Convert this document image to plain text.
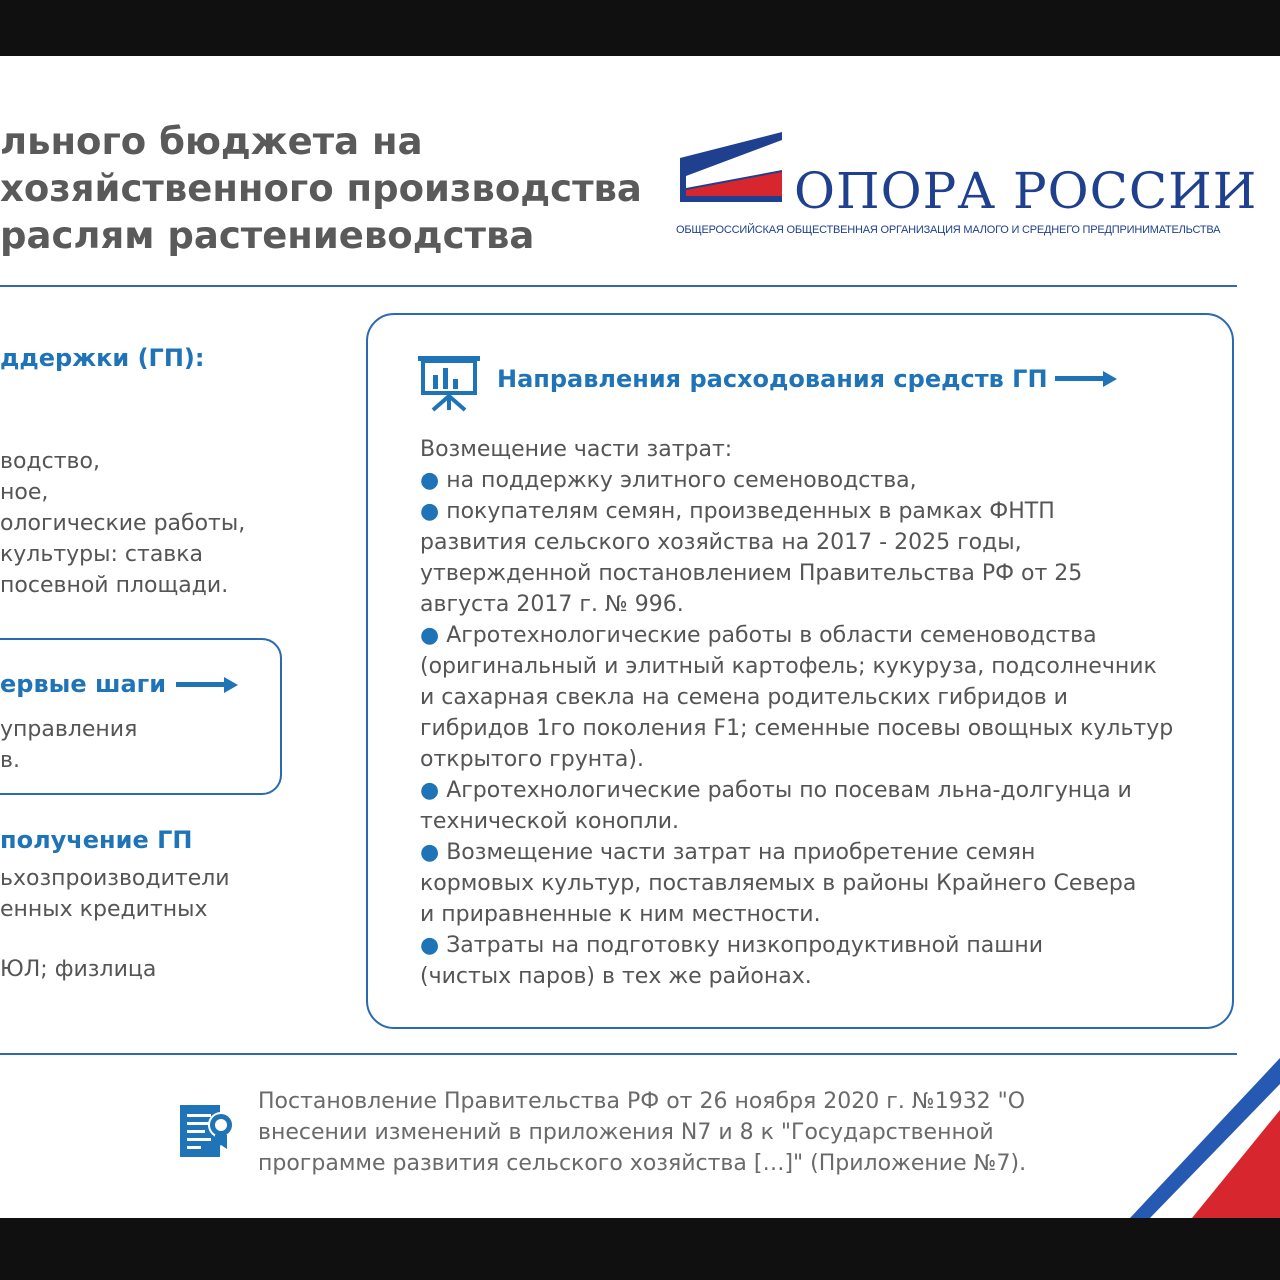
льного бюджета на
хозяйственного производства
раслям растениеводства
ОПОРА РОССИИ
ОБЩЕРОССИЙСКАЯ ОБЩЕСТВЕННАЯ ОРГАНИЗАЦИЯ МАЛОГО И СРЕДНЕГО ПРЕДПРИНИМАТЕЛЬСТВА
ддержки (ГП):
водство,
ное,
ологические работы,
культуры: ставка
посевной площади.
ервые шаги
управления
в.
получение ГП
ьхозпроизводители
енных кредитных
ЮЛ; физлица
Направления расходования средств ГП

Возмещение части затрат:

● на поддержку элитного семеноводства,

● покупателям семян, произведенных в рамках ФНТП

развития сельского хозяйства на 2017 - 2025 годы,

утвержденной постановлением Правительства РФ от 25

августа 2017 г. № 996.

● Агротехнологические работы в области семеноводства

(оригинальный и элитный картофель; кукуруза, подсолнечник

и сахарная свекла на семена родительских гибридов и

гибридов 1го поколения F1; семенные посевы овощных культур

открытого грунта).

● Агротехнологические работы по посевам льна-долгунца и

технической конопли.

● Возмещение части затрат на приобретение семян

кормовых культур, поставляемых в районы Крайнего Севера

и приравненные к ним местности.

● Затраты на подготовку низкопродуктивной пашни

(чистых паров) в тех же районах.

Постановление Правительства РФ от 26 ноября 2020 г. №1932 "О

внесении изменений в приложения N7 и 8 к "Государственной

программе развития сельского хозяйства […]" (Приложение №7).
